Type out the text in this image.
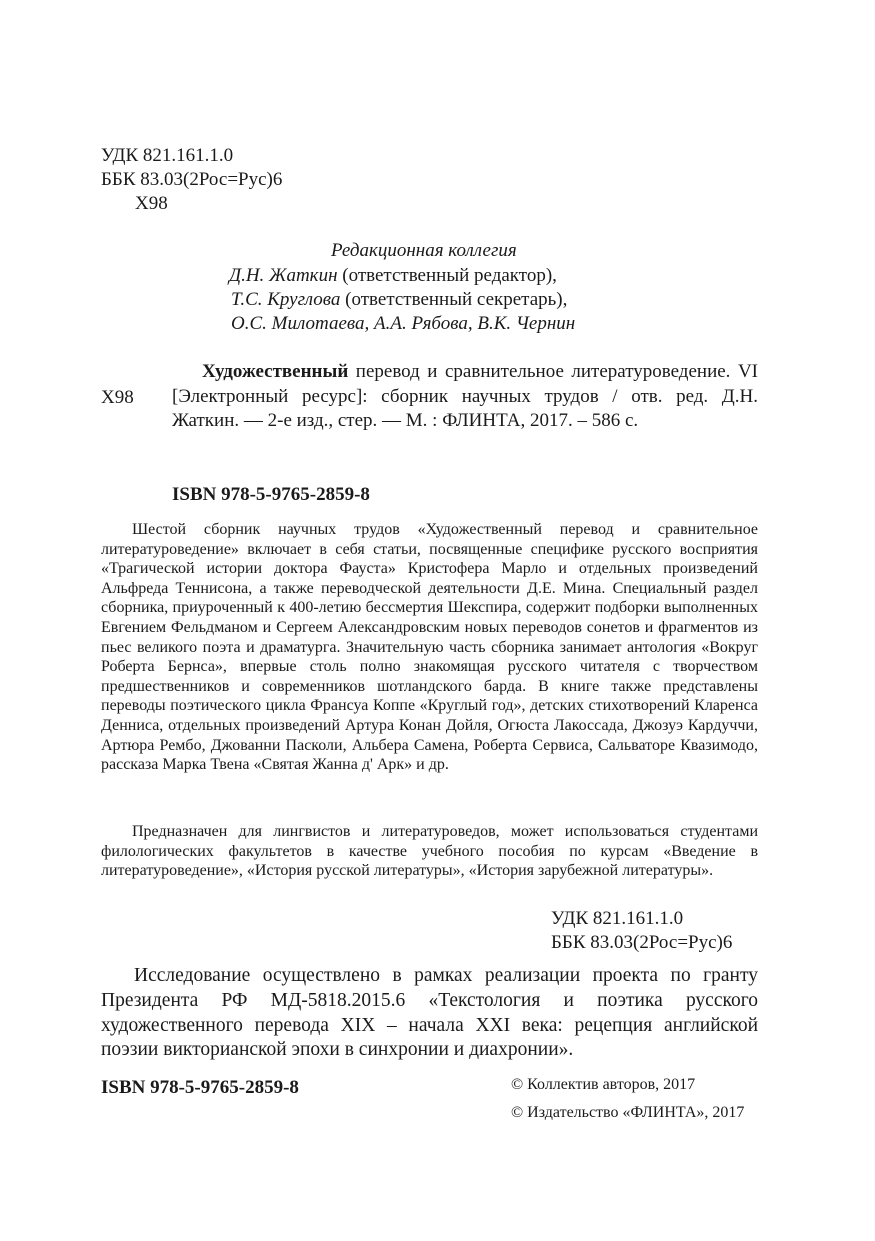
УДК 821.161.1.0
ББК 83.03(2Рос=Рус)6
Х98
Редакционная коллегия
Д.Н. Жаткин (ответственный редактор),
Т.С. Круглова (ответственный секретарь),
О.С. Милотаева, А.А. Рябова, В.К. Чернин
Х98

Художественный перевод и сравнительное литературоведение. VI [Электронный ресурс]: сборник научных трудов / отв. ред. Д.Н. Жаткин. — 2-е изд., стер. — М. : ФЛИНТА, 2017. – 586 с.

ISBN 978-5-9765-2859-8

Шестой сборник научных трудов «Художественный перевод и сравнительное литературоведение» включает в себя статьи, посвященные специфике русского восприятия «Трагической истории доктора Фауста» Кристофера Марло и отдельных произведений Альфреда Теннисона, а также переводческой деятельности Д.Е. Мина. Специальный раздел сборника, приуроченный к 400-летию бессмертия Шекспира, содержит подборки выполненных Евгением Фельдманом и Сергеем Александровским новых переводов сонетов и фрагментов из пьес великого поэта и драматурга. Значительную часть сборника занимает антология «Вокруг Роберта Бернса», впервые столь полно знакомящая русского читателя с творчеством предшественников и современников шотландского барда. В книге также представлены переводы поэтического цикла Франсуа Коппе «Круглый год», детских стихотворений Кларенса Денниса, отдельных произведений Артура Конан Дойля, Огюста Лакоссада, Джозуэ Кардуччи, Артюра Рембо, Джованни Пасколи, Альбера Самена, Роберта Сервиса, Сальваторе Квазимодо, рассказа Марка Твена «Святая Жанна д' Арк» и др.

Предназначен для лингвистов и литературоведов, может использоваться студентами филологических факультетов в качестве учебного пособия по курсам «Введение в литературоведение», «История русской литературы», «История зарубежной литературы».

УДК 821.161.1.0
ББК 83.03(2Рос=Рус)6

Исследование осуществлено в рамках реализации проекта по гранту Президента РФ МД-5818.2015.6 «Текстология и поэтика русского художественного перевода XIX – начала XXI века: рецепция английской поэзии викторианской эпохи в синхронии и диахронии».

ISBN 978-5-9765-2859-8	© Коллектив авторов, 2017
© Издательство «ФЛИНТА», 2017
